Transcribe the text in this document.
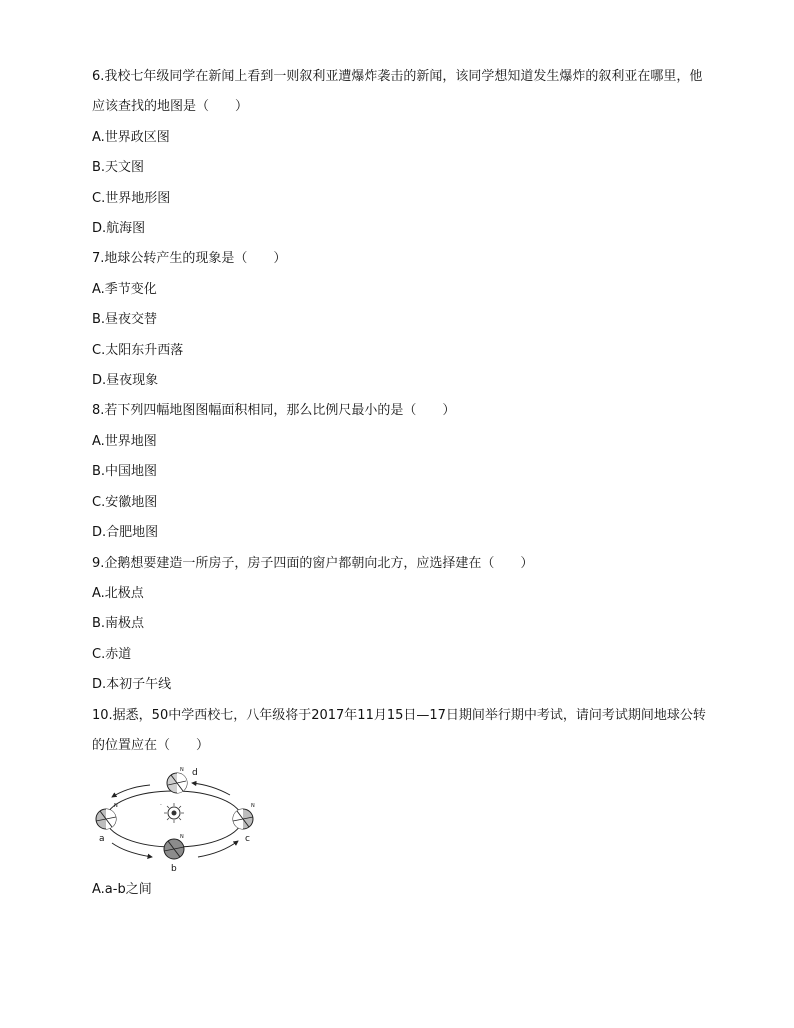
6.我校七年级同学在新闻上看到一则叙利亚遭爆炸袭击的新闻，该同学想知道发生爆炸的叙利亚在哪里，他应该查找的地图是（　　）
A.世界政区图
B.天文图
C.世界地形图
D.航海图
7.地球公转产生的现象是（　　）
A.季节变化
B.昼夜交替
C.太阳东升西落
D.昼夜现象
8.若下列四幅地图图幅面积相同，那么比例尺最小的是（　　）
A.世界地图
B.中国地图
C.安徽地图
D.合肥地图
9.企鹅想要建造一所房子，房子四面的窗户都朝向北方，应选择建在（　　）
A.北极点
B.南极点
C.赤道
D.本初子午线
10.据悉，50中学西校七，八年级将于2017年11月15日—17日期间举行期中考试，请问考试期间地球公转的位置应在（　　）
·
d
N
a
N
c
N
b
N
A.a-b之间
